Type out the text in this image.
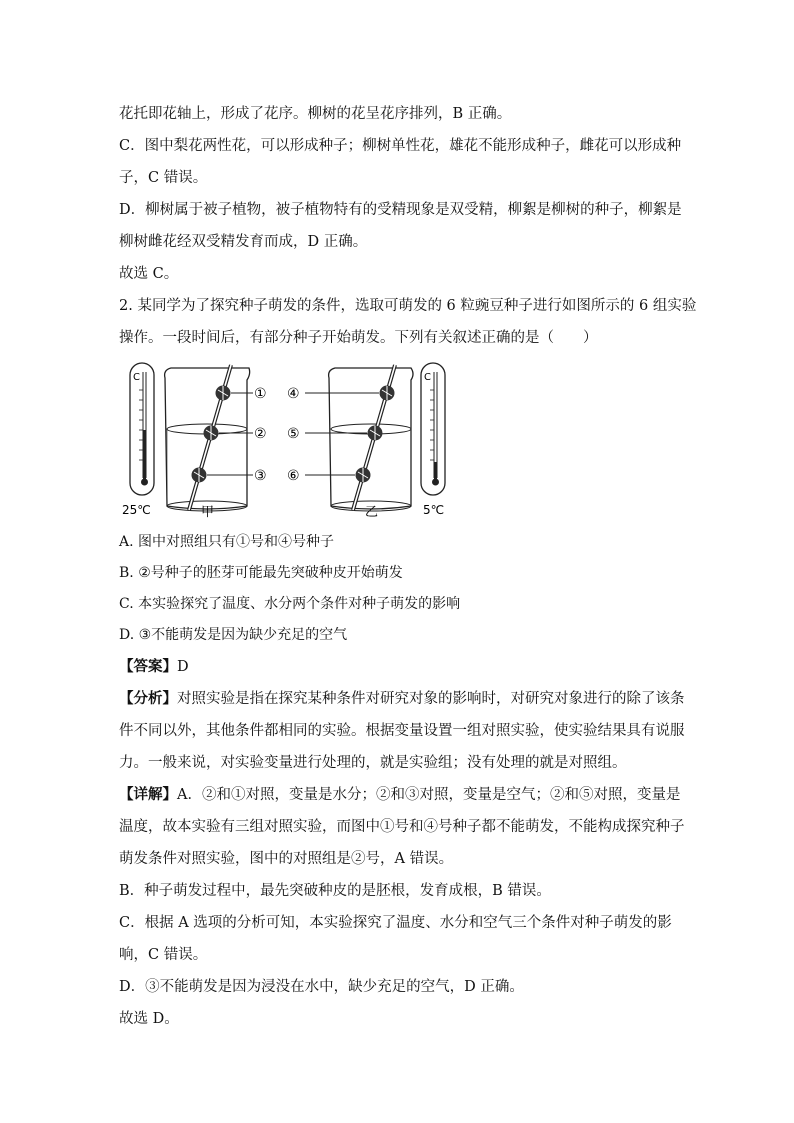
花托即花轴上，形成了花序。柳树的花呈花序排列，B 正确。
C．图中梨花两性花，可以形成种子；柳树单性花，雄花不能形成种子，雌花可以形成种
子，C 错误。
D．柳树属于被子植物，被子植物特有的受精现象是双受精，柳絮是柳树的种子，柳絮是
柳树雌花经双受精发育而成，D 正确。
故选 C。
2. 某同学为了探究种子萌发的条件，选取可萌发的 6 粒豌豆种子进行如图所示的 6 组实验
操作。一段时间后，有部分种子开始萌发。下列有关叙述正确的是（　　）
C
25℃
①
②
③
甲
④
⑤
⑥
乙
C
5℃
A. 图中对照组只有①号和④号种子
B. ②号种子的胚芽可能最先突破种皮开始萌发
C. 本实验探究了温度、水分两个条件对种子萌发的影响
D. ③不能萌发是因为缺少充足的空气
【答案】D
【分析】对照实验是指在探究某种条件对研究对象的影响时，对研究对象进行的除了该条
件不同以外，其他条件都相同的实验。根据变量设置一组对照实验，使实验结果具有说服
力。一般来说，对实验变量进行处理的，就是实验组；没有处理的就是对照组。
【详解】A．②和①对照，变量是水分；②和③对照，变量是空气；②和⑤对照，变量是
温度，故本实验有三组对照实验，而图中①号和④号种子都不能萌发，不能构成探究种子
萌发条件对照实验，图中的对照组是②号，A 错误。
B．种子萌发过程中，最先突破种皮的是胚根，发育成根，B 错误。
C．根据 A 选项的分析可知，本实验探究了温度、水分和空气三个条件对种子萌发的影
响，C 错误。
D．③不能萌发是因为浸没在水中，缺少充足的空气，D 正确。
故选 D。
